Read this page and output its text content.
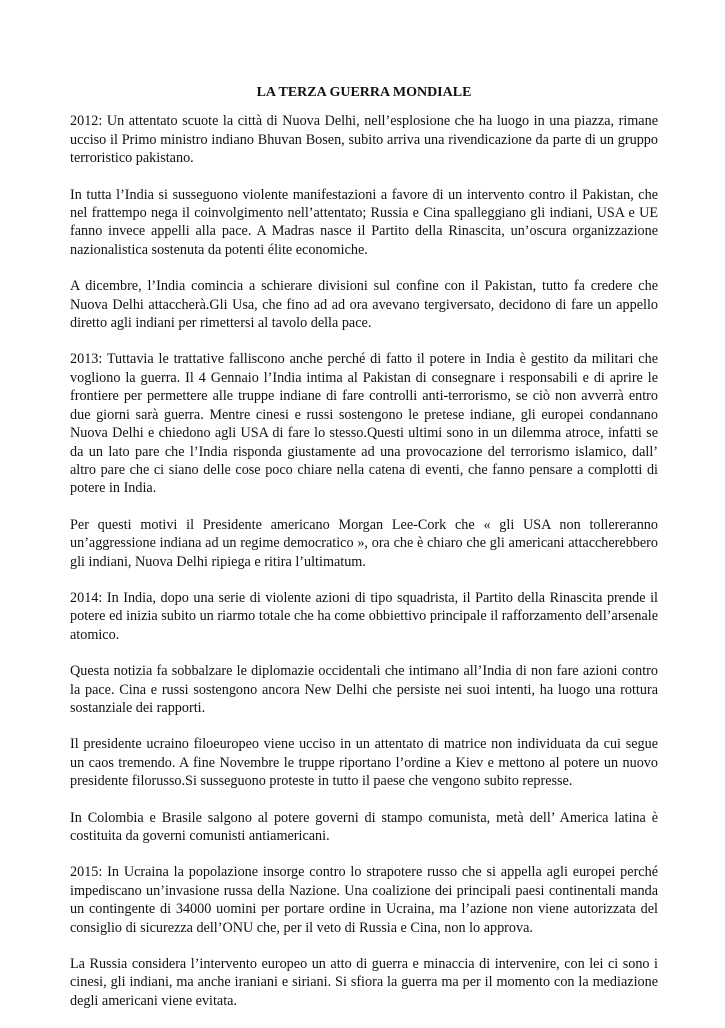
LA TERZA GUERRA MONDIALE

2012: Un attentato scuote la città di Nuova Delhi, nell’esplosione che ha luogo in una piazza, rimane ucciso il Primo ministro indiano Bhuvan Bosen, subito arriva una rivendicazione da parte di un gruppo terroristico pakistano.

In tutta l’India si susseguono violente manifestazioni a favore di un intervento contro il Pakistan, che nel frattempo nega il coinvolgimento nell’attentato; Russia e Cina spalleggiano gli indiani, USA e UE fanno invece appelli alla pace. A Madras nasce il Partito della Rinascita, un’oscura organizzazione nazionalistica sostenuta da potenti élite economiche.

A dicembre, l’India comincia a schierare divisioni sul confine con il Pakistan, tutto fa credere che Nuova Delhi attaccherà.Gli Usa, che fino ad ad ora avevano tergiversato, decidono di fare un appello diretto agli indiani per rimettersi al tavolo della pace.

2013: Tuttavia le trattative falliscono anche perché di fatto il potere in India è gestito da militari che vogliono la guerra. Il 4 Gennaio l’India intima al Pakistan di consegnare i responsabili e di aprire le frontiere per permettere alle truppe indiane di fare controlli anti-terrorismo, se ciò non avverrà entro due giorni sarà guerra. Mentre cinesi e russi sostengono le pretese indiane, gli europei condannano Nuova Delhi e chiedono agli USA di fare lo stesso.Questi ultimi sono in un dilemma atroce, infatti se da un lato pare che l’India risponda giustamente ad una provocazione del terrorismo islamico, dall’ altro pare che ci siano delle cose poco chiare nella catena di eventi, che fanno pensare a complotti di potere in India.

Per questi motivi il Presidente americano Morgan Lee-Cork che « gli USA non tollereranno un’aggressione indiana ad un regime democratico », ora che è chiaro che gli americani attaccherebbero gli indiani, Nuova Delhi ripiega e ritira l’ultimatum.

2014: In India, dopo una serie di violente azioni di tipo squadrista, il Partito della Rinascita prende il potere ed inizia subito un riarmo totale che ha come obbiettivo principale il rafforzamento dell’arsenale atomico.

Questa notizia fa sobbalzare le diplomazie occidentali che intimano all’India di non fare azioni contro la pace. Cina e russi sostengono ancora New Delhi che persiste nei suoi intenti, ha luogo una rottura sostanziale dei rapporti.

Il presidente ucraino filoeuropeo viene ucciso in un attentato di matrice non individuata da cui segue un caos tremendo. A fine Novembre le truppe riportano l’ordine a Kiev e mettono al potere un nuovo presidente filorusso.Si susseguono proteste in tutto il paese che vengono subito represse.

In Colombia e Brasile salgono al potere governi di stampo comunista, metà dell’ America latina è costituita da governi comunisti antiamericani.

2015: In Ucraina la popolazione insorge contro lo strapotere russo che si appella agli europei perché impediscano un’invasione russa della Nazione. Una coalizione dei principali paesi continentali manda un contingente di 34000 uomini per portare ordine in Ucraina, ma l’azione non viene autorizzata del consiglio di sicurezza dell’ONU che, per il veto di Russia e Cina, non lo approva.

La Russia considera l’intervento europeo un atto di guerra e minaccia di intervenire, con lei ci sono i cinesi, gli indiani, ma anche iraniani e siriani. Si sfiora la guerra ma per il momento con la mediazione degli americani viene evitata.
